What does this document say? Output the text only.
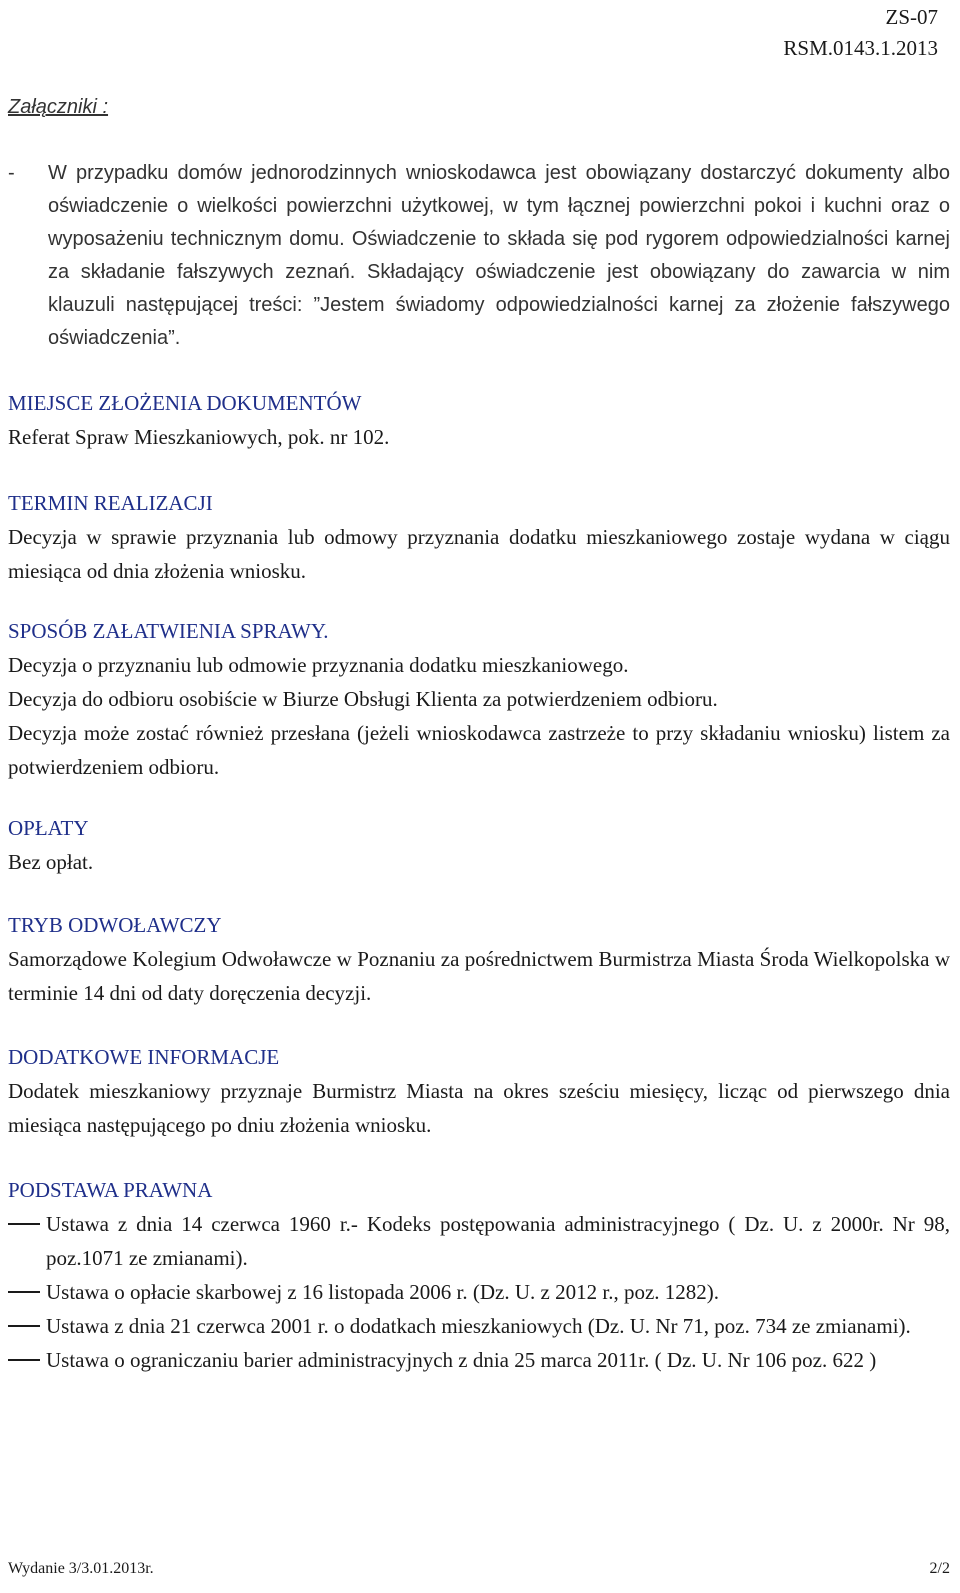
ZS-07
RSM.0143.1.2013
Załączniki :
-	W przypadku domów jednorodzinnych wnioskodawca jest obowiązany dostarczyć dokumenty albo oświadczenie o wielkości powierzchni użytkowej, w tym łącznej powierzchni pokoi i kuchni oraz o wyposażeniu technicznym domu. Oświadczenie to składa się pod rygorem odpowiedzialności karnej za składanie fałszywych zeznań. Składający oświadczenie jest obowiązany do zawarcia w nim klauzuli następującej treści: ”Jestem świadomy odpowiedzialności karnej za złożenie fałszywego oświadczenia”.
MIEJSCE ZŁOŻENIA DOKUMENTÓW

Referat Spraw Mieszkaniowych, pok. nr 102.

TERMIN REALIZACJI

Decyzja w sprawie przyznania lub odmowy przyznania dodatku mieszkaniowego zostaje wydana w ciągu miesiąca od dnia złożenia wniosku.

SPOSÓB ZAŁATWIENIA SPRAWY.

Decyzja o przyznaniu lub odmowie przyznania dodatku mieszkaniowego.

Decyzja do odbioru osobiście w Biurze Obsługi Klienta za potwierdzeniem odbioru.

Decyzja może zostać również przesłana (jeżeli wnioskodawca zastrzeże to przy składaniu wniosku) listem za potwierdzeniem odbioru.

OPŁATY

Bez opłat.

TRYB ODWOŁAWCZY

Samorządowe Kolegium Odwoławcze w Poznaniu za pośrednictwem Burmistrza Miasta Środa Wielkopolska w terminie 14 dni od daty doręczenia decyzji.

DODATKOWE INFORMACJE

Dodatek mieszkaniowy przyznaje Burmistrz Miasta na okres sześciu miesięcy, licząc od pierwszego dnia miesiąca następującego po dniu złożenia wniosku.

PODSTAWA PRAWNA
Ustawa z dnia 14 czerwca 1960 r.- Kodeks postępowania administracyjnego ( Dz. U. z 2000r. Nr 98, poz.1071 ze zmianami).
Ustawa o opłacie skarbowej z 16 listopada 2006 r. (Dz. U. z 2012 r., poz. 1282).
Ustawa z dnia 21 czerwca 2001 r. o dodatkach mieszkaniowych (Dz. U. Nr 71, poz. 734 ze zmianami).
Ustawa o ograniczaniu barier administracyjnych z dnia 25 marca 2011r. ( Dz. U. Nr 106 poz. 622 )
Wydanie 3/3.01.2013r.	2/2
